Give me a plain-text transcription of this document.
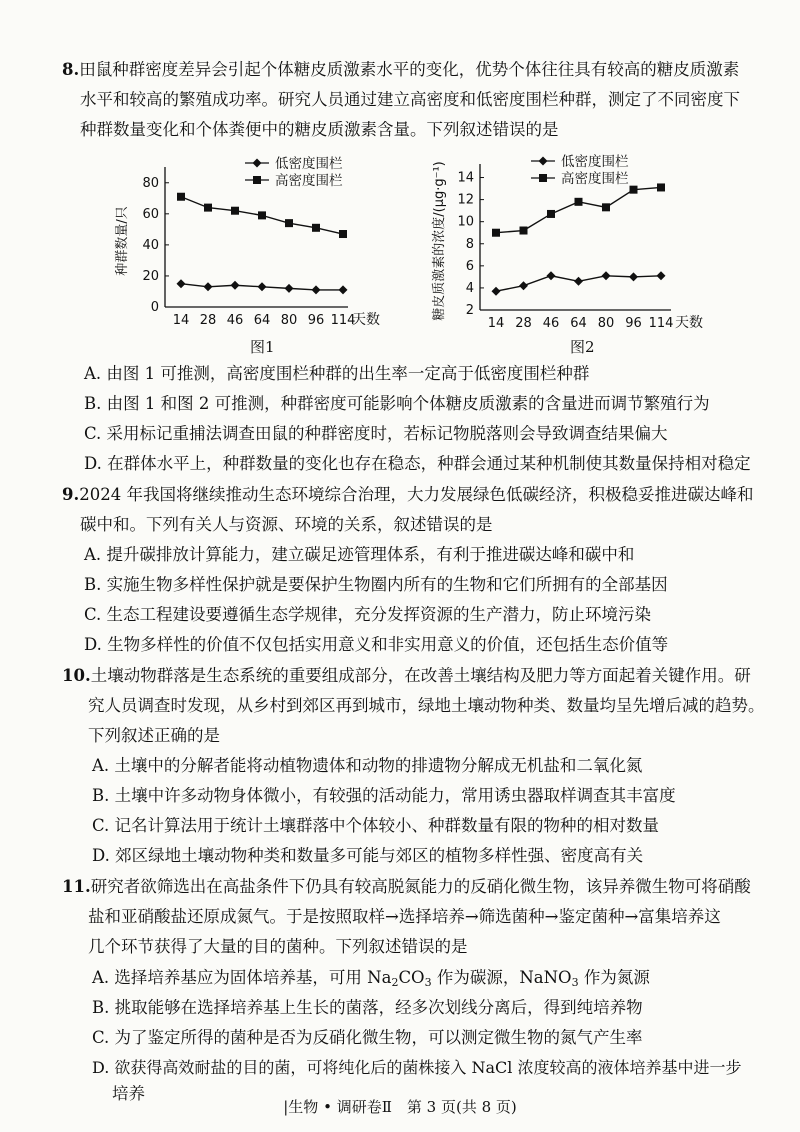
8.田鼠种群密度差异会引起个体糖皮质激素水平的变化，优势个体往往具有较高的糖皮质激素
水平和较高的繁殖成功率。研究人员通过建立高密度和低密度围栏种群，测定了不同密度下
种群数量变化和个体粪便中的糖皮质激素含量。下列叙述错误的是
0
20
40
60
80
14 28 46 64 80 96 114
天数
种群数量/只
低密度围栏
高密度围栏
图1
2
4
6
8
10
12
14
14 28 46 64 80 96 114 天数
糖皮质激素的浓度/(μg·g⁻¹)	低密度围栏
高密度围栏
图2
A. 由图 1 可推测，高密度围栏种群的出生率一定高于低密度围栏种群
B. 由图 1 和图 2 可推测，种群密度可能影响个体糖皮质激素的含量进而调节繁殖行为
C. 采用标记重捕法调查田鼠的种群密度时，若标记物脱落则会导致调查结果偏大
D. 在群体水平上，种群数量的变化也存在稳态，种群会通过某种机制使其数量保持相对稳定
9.2024 年我国将继续推动生态环境综合治理，大力发展绿色低碳经济，积极稳妥推进碳达峰和
碳中和。下列有关人与资源、环境的关系，叙述错误的是
A. 提升碳排放计算能力，建立碳足迹管理体系，有利于推进碳达峰和碳中和
B. 实施生物多样性保护就是要保护生物圈内所有的生物和它们所拥有的全部基因
C. 生态工程建设要遵循生态学规律，充分发挥资源的生产潜力，防止环境污染
D. 生物多样性的价值不仅包括实用意义和非实用意义的价值，还包括生态价值等
10.土壤动物群落是生态系统的重要组成部分，在改善土壤结构及肥力等方面起着关键作用。研
究人员调查时发现，从乡村到郊区再到城市，绿地土壤动物种类、数量均呈先增后减的趋势。
下列叙述正确的是
A. 土壤中的分解者能将动植物遗体和动物的排遗物分解成无机盐和二氧化氮
B. 土壤中许多动物身体微小，有较强的活动能力，常用诱虫器取样调查其丰富度
C. 记名计算法用于统计土壤群落中个体较小、种群数量有限的物种的相对数量
D. 郊区绿地土壤动物种类和数量多可能与郊区的植物多样性强、密度高有关
11.研究者欲筛选出在高盐条件下仍具有较高脱氮能力的反硝化微生物，该异养微生物可将硝酸
盐和亚硝酸盐还原成氮气。于是按照取样→选择培养→筛选菌种→鉴定菌种→富集培养这
几个环节获得了大量的目的菌种。下列叙述错误的是
A. 选择培养基应为固体培养基，可用 $Na_2CO_3$ 作为碳源，NaNO$_3$ 作为氮源
B. 挑取能够在选择培养基上生长的菌落，经多次划线分离后，得到纯培养物
C. 为了鉴定所得的菌种是否为反硝化微生物，可以测定微生物的氮气产生率
D. 欲获得高效耐盐的目的菌，可将纯化后的菌株接入 NaCl 浓度较高的液体培养基中进一步
培养
|生物 • 调研卷Ⅱ　第 3 页(共 8 页)
